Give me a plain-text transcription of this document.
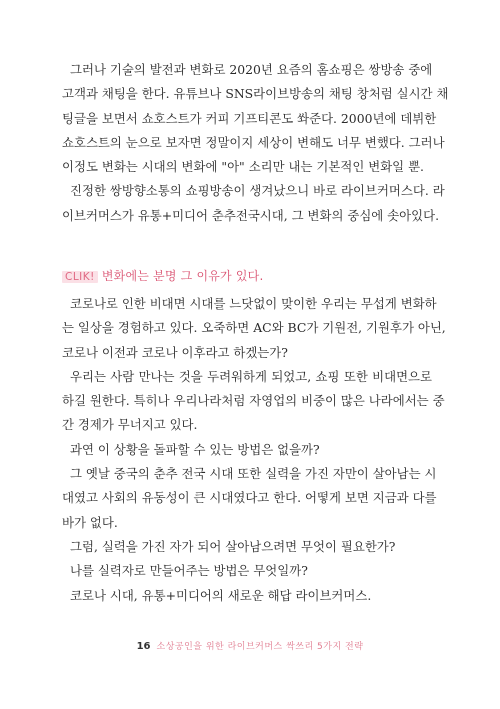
그러나 기술의 발전과 변화로 2020년 요즘의 홈쇼핑은 쌍방송 중에
고객과 채팅을 한다. 유튜브나 SNS라이브방송의 채팅 창처럼 실시간 채
팅글을 보면서 쇼호스트가 커피 기프티콘도 쏴준다. 2000년에 데뷔한
쇼호스트의 눈으로 보자면 정말이지 세상이 변해도 너무 변했다. 그러나
이정도 변화는 시대의 변화에 "아" 소리만 내는 기본적인 변화일 뿐.
진정한 쌍방향소통의 쇼핑방송이 생겨났으니 바로 라이브커머스다. 라
이브커머스가 유통+미디어 춘추전국시대, 그 변화의 중심에 솟아있다.
CLIK! 변화에는 분명 그 이유가 있다.
코로나로 인한 비대면 시대를 느닷없이 맞이한 우리는 무섭게 변화하
는 일상을 경험하고 있다. 오죽하면 AC와 BC가 기원전, 기원후가 아닌,
코로나 이전과 코로나 이후라고 하겠는가?
우리는 사람 만나는 것을 두려워하게 되었고, 쇼핑 또한 비대면으로
하길 원한다. 특히나 우리나라처럼 자영업의 비중이 많은 나라에서는 중
간 경제가 무너지고 있다.
과연 이 상황을 돌파할 수 있는 방법은 없을까?
그 옛날 중국의 춘추 전국 시대 또한 실력을 가진 자만이 살아남는 시
대였고 사회의 유동성이 큰 시대였다고 한다. 어떻게 보면 지금과 다를
바가 없다.
그럼, 실력을 가진 자가 되어 살아남으려면 무엇이 필요한가?
나를 실력자로 만들어주는 방법은 무엇일까?
코로나 시대, 유통+미디어의 새로운 해답 라이브커머스.
16 소상공인을 위한 라이브커머스 싹쓰리 5가지 전략
